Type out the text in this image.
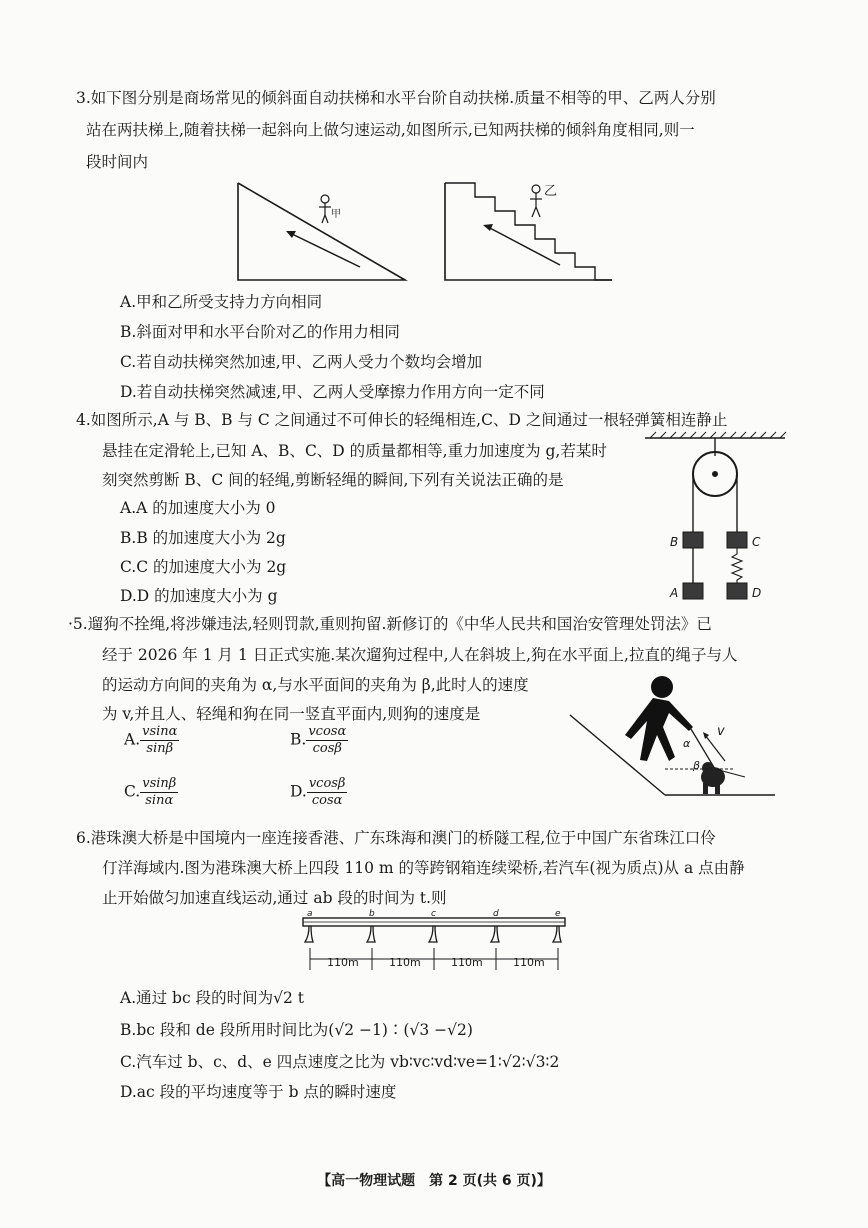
3.如下图分别是商场常见的倾斜面自动扶梯和水平台阶自动扶梯.质量不相等的甲、乙两人分别
站在两扶梯上,随着扶梯一起斜向上做匀速运动,如图所示,已知两扶梯的倾斜角度相同,则一
段时间内
甲
乙
A.甲和乙所受支持力方向相同
B.斜面对甲和水平台阶对乙的作用力相同
C.若自动扶梯突然加速,甲、乙两人受力个数均会增加
D.若自动扶梯突然减速,甲、乙两人受摩擦力作用方向一定不同
4.如图所示,A 与 B、B 与 C 之间通过不可伸长的轻绳相连,C、D 之间通过一根轻弹簧相连静止
悬挂在定滑轮上,已知 A、B、C、D 的质量都相等,重力加速度为 g,若某时
刻突然剪断 B、C 间的轻绳,剪断轻绳的瞬间,下列有关说法正确的是
A.A 的加速度大小为 0
B.B 的加速度大小为 2g
C.C 的加速度大小为 2g
D.D 的加速度大小为 g
B	C
A	D
·5.遛狗不拴绳,将涉嫌违法,轻则罚款,重则拘留.新修订的《中华人民共和国治安管理处罚法》已
经于 2026 年 1 月 1 日正式实施.某次遛狗过程中,人在斜坡上,狗在水平面上,拉直的绳子与人
的运动方向间的夹角为 α,与水平面间的夹角为 β,此时人的速度
为 v,并且人、轻绳和狗在同一竖直平面内,则狗的速度是
A. $\frac{vsin\alpha}{\sin\beta}$	B. $\frac{vcos\alpha}{\cos\beta}$
C. $\frac{vsin\beta}{\sin\alpha}$	D. $\frac{vcos\beta}{\cos\alpha}$
v
α
β
6.港珠澳大桥是中国境内一座连接香港、广东珠海和澳门的桥隧工程,位于中国广东省珠江口伶
仃洋海域内.图为港珠澳大桥上四段 110 m 的等跨钢箱连续梁桥,若汽车(视为质点)从 a 点由静
止开始做匀加速直线运动,通过 ab 段的时间为 t.则
a	b	c	d	e
110m	110m	110m	110m
A.通过 bc 段的时间为√2 t
B.bc 段和 de 段所用时间比为(√2 −1)∶(√3 −√2)
C.汽车过 b、c、d、e 四点速度之比为 vb∶vc∶vd∶ve=1∶√2∶√3∶2
D.ac 段的平均速度等于 b 点的瞬时速度
【高一物理试题　第 2 页(共 6 页)】
